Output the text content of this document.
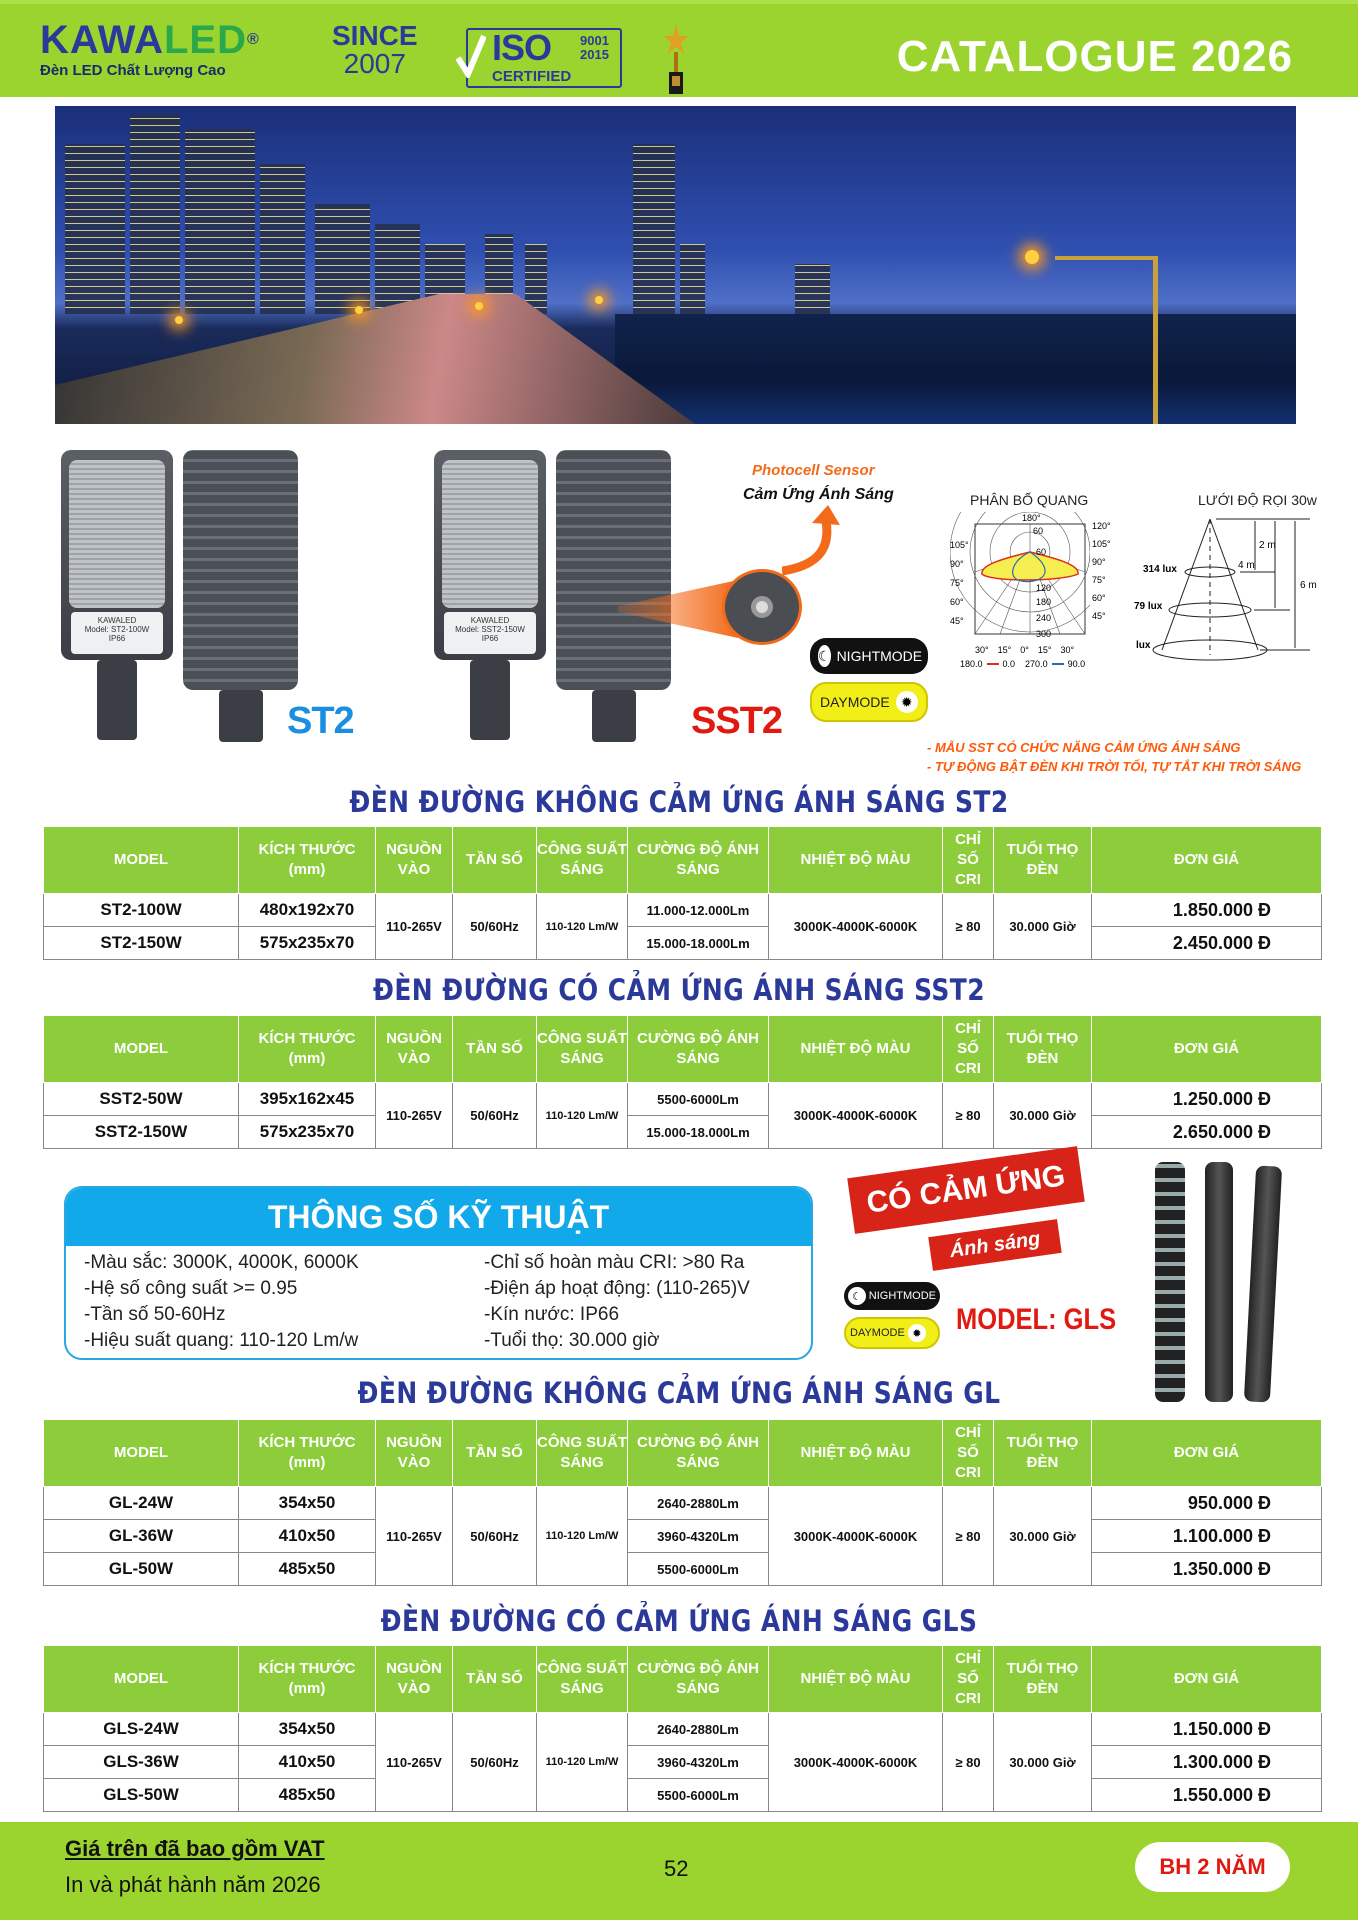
KAWALED®
Đèn LED Chất Lượng Cao
SINCE
2007	ISO 9001
2015
CERTIFIED	CATALOGUE 2026
KAWALED
Model: ST2-100W
IP66
ST2
KAWALED
Model: SST2-150W
IP66
Photocell Sensor
Cảm Ứng Ánh Sáng
SST2
☾ NIGHTMODE
DAYMODE ✹
PHÂN BỐ QUANG
180°
60
60
120
180
240
300
105°
90°
75°
60°
45°
120°
105°
90°
75°
60°
45°
30° 15° 0° 15° 30°
180.0 0.0 270.0 90.0
LƯỚI ĐỘ RỌI 30w
314 lux
79 lux
lux
2 m
4 m
6 m
- MẪU SST CÓ CHỨC NĂNG CẢM ỨNG ÁNH SÁNG
- TỰ ĐỘNG BẬT ĐÈN KHI TRỜI TỐI, TỰ TẮT KHI TRỜI SÁNG
ĐÈN ĐƯỜNG KHÔNG CẢM ỨNG ÁNH SÁNG ST2
MODEL	KÍCH THƯỚC (mm)	NGUỒN VÀO	TẦN SỐ	CÔNG SUẤT SÁNG	CƯỜNG ĐỘ ÁNH SÁNG	NHIỆT ĐỘ MÀU	CHỈ SỐ CRI	TUỔI THỌ ĐÈN	ĐƠN GIÁ
ST2-100W	480x192x70	110-265V	50/60Hz	110-120 Lm/W	11.000-12.000Lm	3000K-4000K-6000K	≥ 80	30.000 Giờ	1.850.000 Đ
ST2-150W	575x235x70				15.000-18.000Lm				2.450.000 Đ
ĐÈN ĐƯỜNG CÓ CẢM ỨNG ÁNH SÁNG SST2
MODEL	KÍCH THƯỚC (mm)	NGUỒN VÀO	TẦN SỐ	CÔNG SUẤT SÁNG	CƯỜNG ĐỘ ÁNH SÁNG	NHIỆT ĐỘ MÀU	CHỈ SỐ CRI	TUỔI THỌ ĐÈN	ĐƠN GIÁ
SST2-50W	395x162x45	110-265V	50/60Hz	110-120 Lm/W	5500-6000Lm	3000K-4000K-6000K	≥ 80	30.000 Giờ	1.250.000 Đ
SST2-150W	575x235x70				15.000-18.000Lm				2.650.000 Đ
THÔNG SỐ KỸ THUẬT
-Màu sắc: 3000K, 4000K, 6000K
-Hệ số công suất >= 0.95
-Tần số 50-60Hz
-Hiệu suất quang: 110-120 Lm/w
-Chỉ số hoàn màu CRI: >80 Ra
-Điện áp hoạt động: (110-265)V
-Kín nước: IP66
-Tuổi thọ: 30.000 giờ
CÓ CẢM ỨNG
Ánh sáng
☾ NIGHTMODE
DAYMODE ✹ MODEL: GLS
ĐÈN ĐƯỜNG KHÔNG CẢM ỨNG ÁNH SÁNG GL
MODEL	KÍCH THƯỚC (mm)	NGUỒN VÀO	TẦN SỐ	CÔNG SUẤT SÁNG	CƯỜNG ĐỘ ÁNH SÁNG	NHIỆT ĐỘ MÀU	CHỈ SỐ CRI	TUỔI THỌ ĐÈN	ĐƠN GIÁ
GL-24W	354x50	110-265V	50/60Hz	110-120 Lm/W	2640-2880Lm	3000K-4000K-6000K	≥ 80	30.000 Giờ	950.000 Đ
GL-36W	410x50				3960-4320Lm				1.100.000 Đ
GL-50W	485x50				5500-6000Lm				1.350.000 Đ
ĐÈN ĐƯỜNG CÓ CẢM ỨNG ÁNH SÁNG GLS
MODEL	KÍCH THƯỚC (mm)	NGUỒN VÀO	TẦN SỐ	CÔNG SUẤT SÁNG	CƯỜNG ĐỘ ÁNH SÁNG	NHIỆT ĐỘ MÀU	CHỈ SỐ CRI	TUỔI THỌ ĐÈN	ĐƠN GIÁ
GLS-24W	354x50	110-265V	50/60Hz	110-120 Lm/W	2640-2880Lm	3000K-4000K-6000K	≥ 80	30.000 Giờ	1.150.000 Đ
GLS-36W	410x50				3960-4320Lm				1.300.000 Đ
GLS-50W	485x50				5500-6000Lm				1.550.000 Đ
Giá trên đã bao gồm VAT
In và phát hành năm 2026
52	BH 2 NĂM
